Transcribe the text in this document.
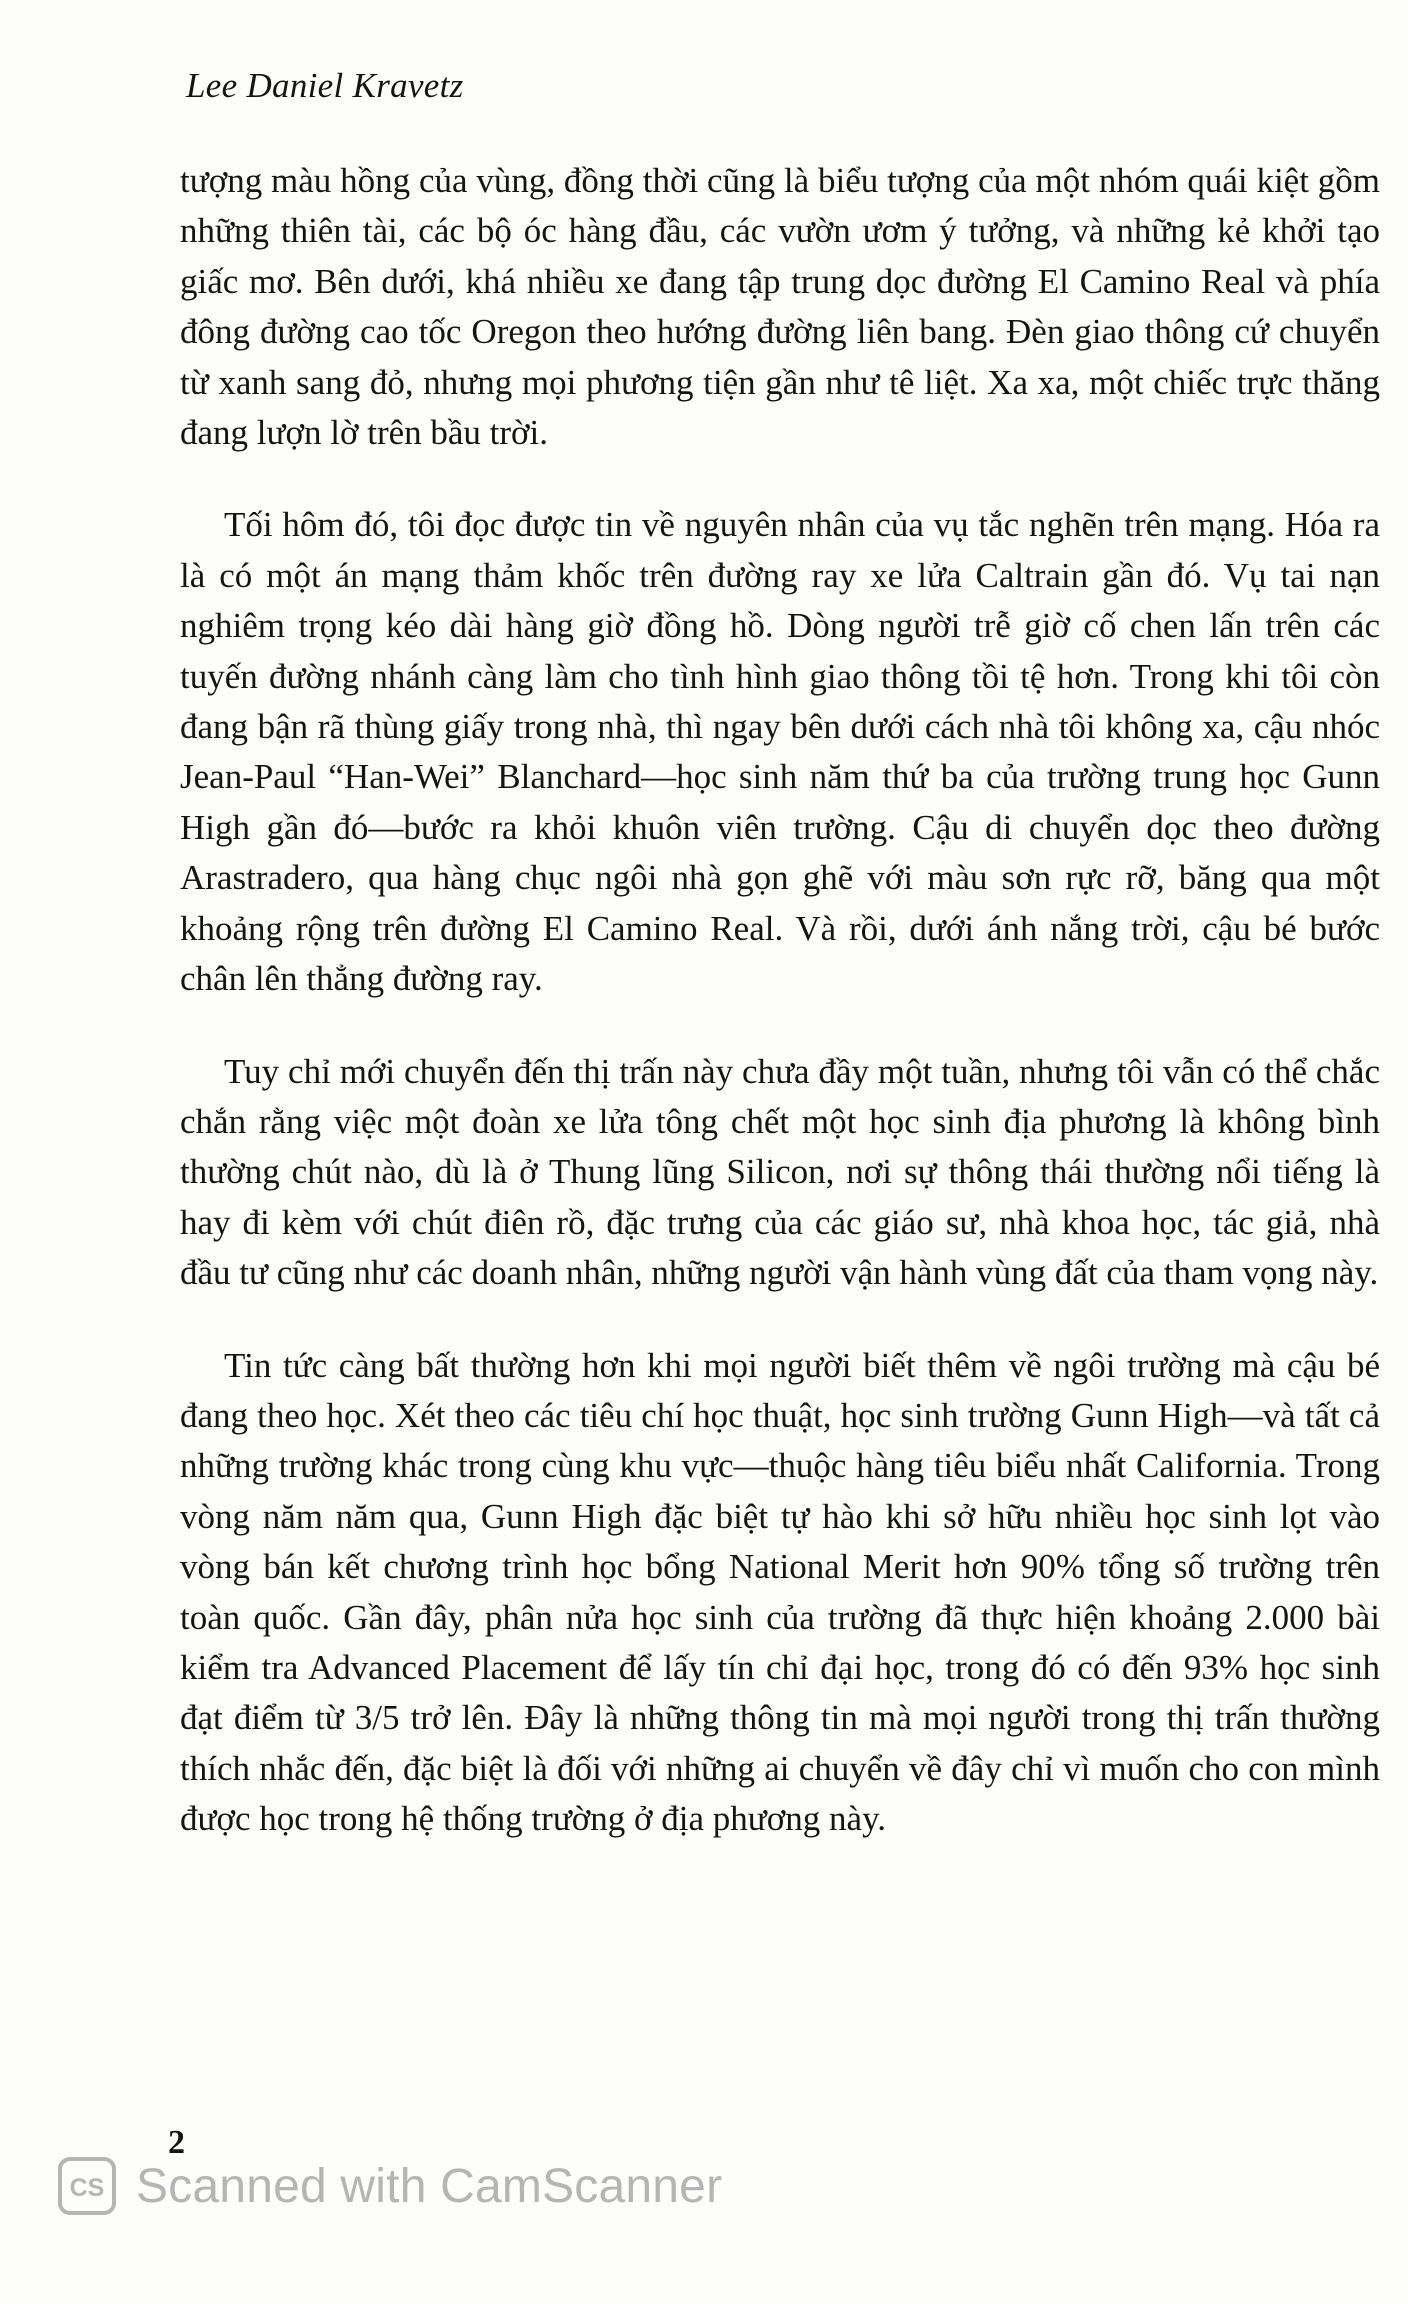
Lee Daniel Kravetz

tượng màu hồng của vùng, đồng thời cũng là biểu tượng của một nhóm quái kiệt gồm những thiên tài, các bộ óc hàng đầu, các vườn ươm ý tưởng, và những kẻ khởi tạo giấc mơ. Bên dưới, khá nhiều xe đang tập trung dọc đường El Camino Real và phía đông đường cao tốc Oregon theo hướng đường liên bang. Đèn giao thông cứ chuyển từ xanh sang đỏ, nhưng mọi phương tiện gần như tê liệt. Xa xa, một chiếc trực thăng đang lượn lờ trên bầu trời.

Tối hôm đó, tôi đọc được tin về nguyên nhân của vụ tắc nghẽn trên mạng. Hóa ra là có một án mạng thảm khốc trên đường ray xe lửa Caltrain gần đó. Vụ tai nạn nghiêm trọng kéo dài hàng giờ đồng hồ. Dòng người trễ giờ cố chen lấn trên các tuyến đường nhánh càng làm cho tình hình giao thông tồi tệ hơn. Trong khi tôi còn đang bận rã thùng giấy trong nhà, thì ngay bên dưới cách nhà tôi không xa, cậu nhóc Jean-Paul “Han-Wei” Blanchard—học sinh năm thứ ba của trường trung học Gunn High gần đó—bước ra khỏi khuôn viên trường. Cậu di chuyển dọc theo đường Arastradero, qua hàng chục ngôi nhà gọn ghẽ với màu sơn rực rỡ, băng qua một khoảng rộng trên đường El Camino Real. Và rồi, dưới ánh nắng trời, cậu bé bước chân lên thẳng đường ray.

Tuy chỉ mới chuyển đến thị trấn này chưa đầy một tuần, nhưng tôi vẫn có thể chắc chắn rằng việc một đoàn xe lửa tông chết một học sinh địa phương là không bình thường chút nào, dù là ở Thung lũng Silicon, nơi sự thông thái thường nổi tiếng là hay đi kèm với chút điên rồ, đặc trưng của các giáo sư, nhà khoa học, tác giả, nhà đầu tư cũng như các doanh nhân, những người vận hành vùng đất của tham vọng này.

Tin tức càng bất thường hơn khi mọi người biết thêm về ngôi trường mà cậu bé đang theo học. Xét theo các tiêu chí học thuật, học sinh trường Gunn High—và tất cả những trường khác trong cùng khu vực—thuộc hàng tiêu biểu nhất California. Trong vòng năm năm qua, Gunn High đặc biệt tự hào khi sở hữu nhiều học sinh lọt vào vòng bán kết chương trình học bổng National Merit hơn 90% tổng số trường trên toàn quốc. Gần đây, phân nửa học sinh của trường đã thực hiện khoảng 2.000 bài kiểm tra Advanced Placement để lấy tín chỉ đại học, trong đó có đến 93% học sinh đạt điểm từ 3/5 trở lên. Đây là những thông tin mà mọi người trong thị trấn thường thích nhắc đến, đặc biệt là đối với những ai chuyển về đây chỉ vì muốn cho con mình được học trong hệ thống trường ở địa phương này.

2
CS Scanned with CamScanner
